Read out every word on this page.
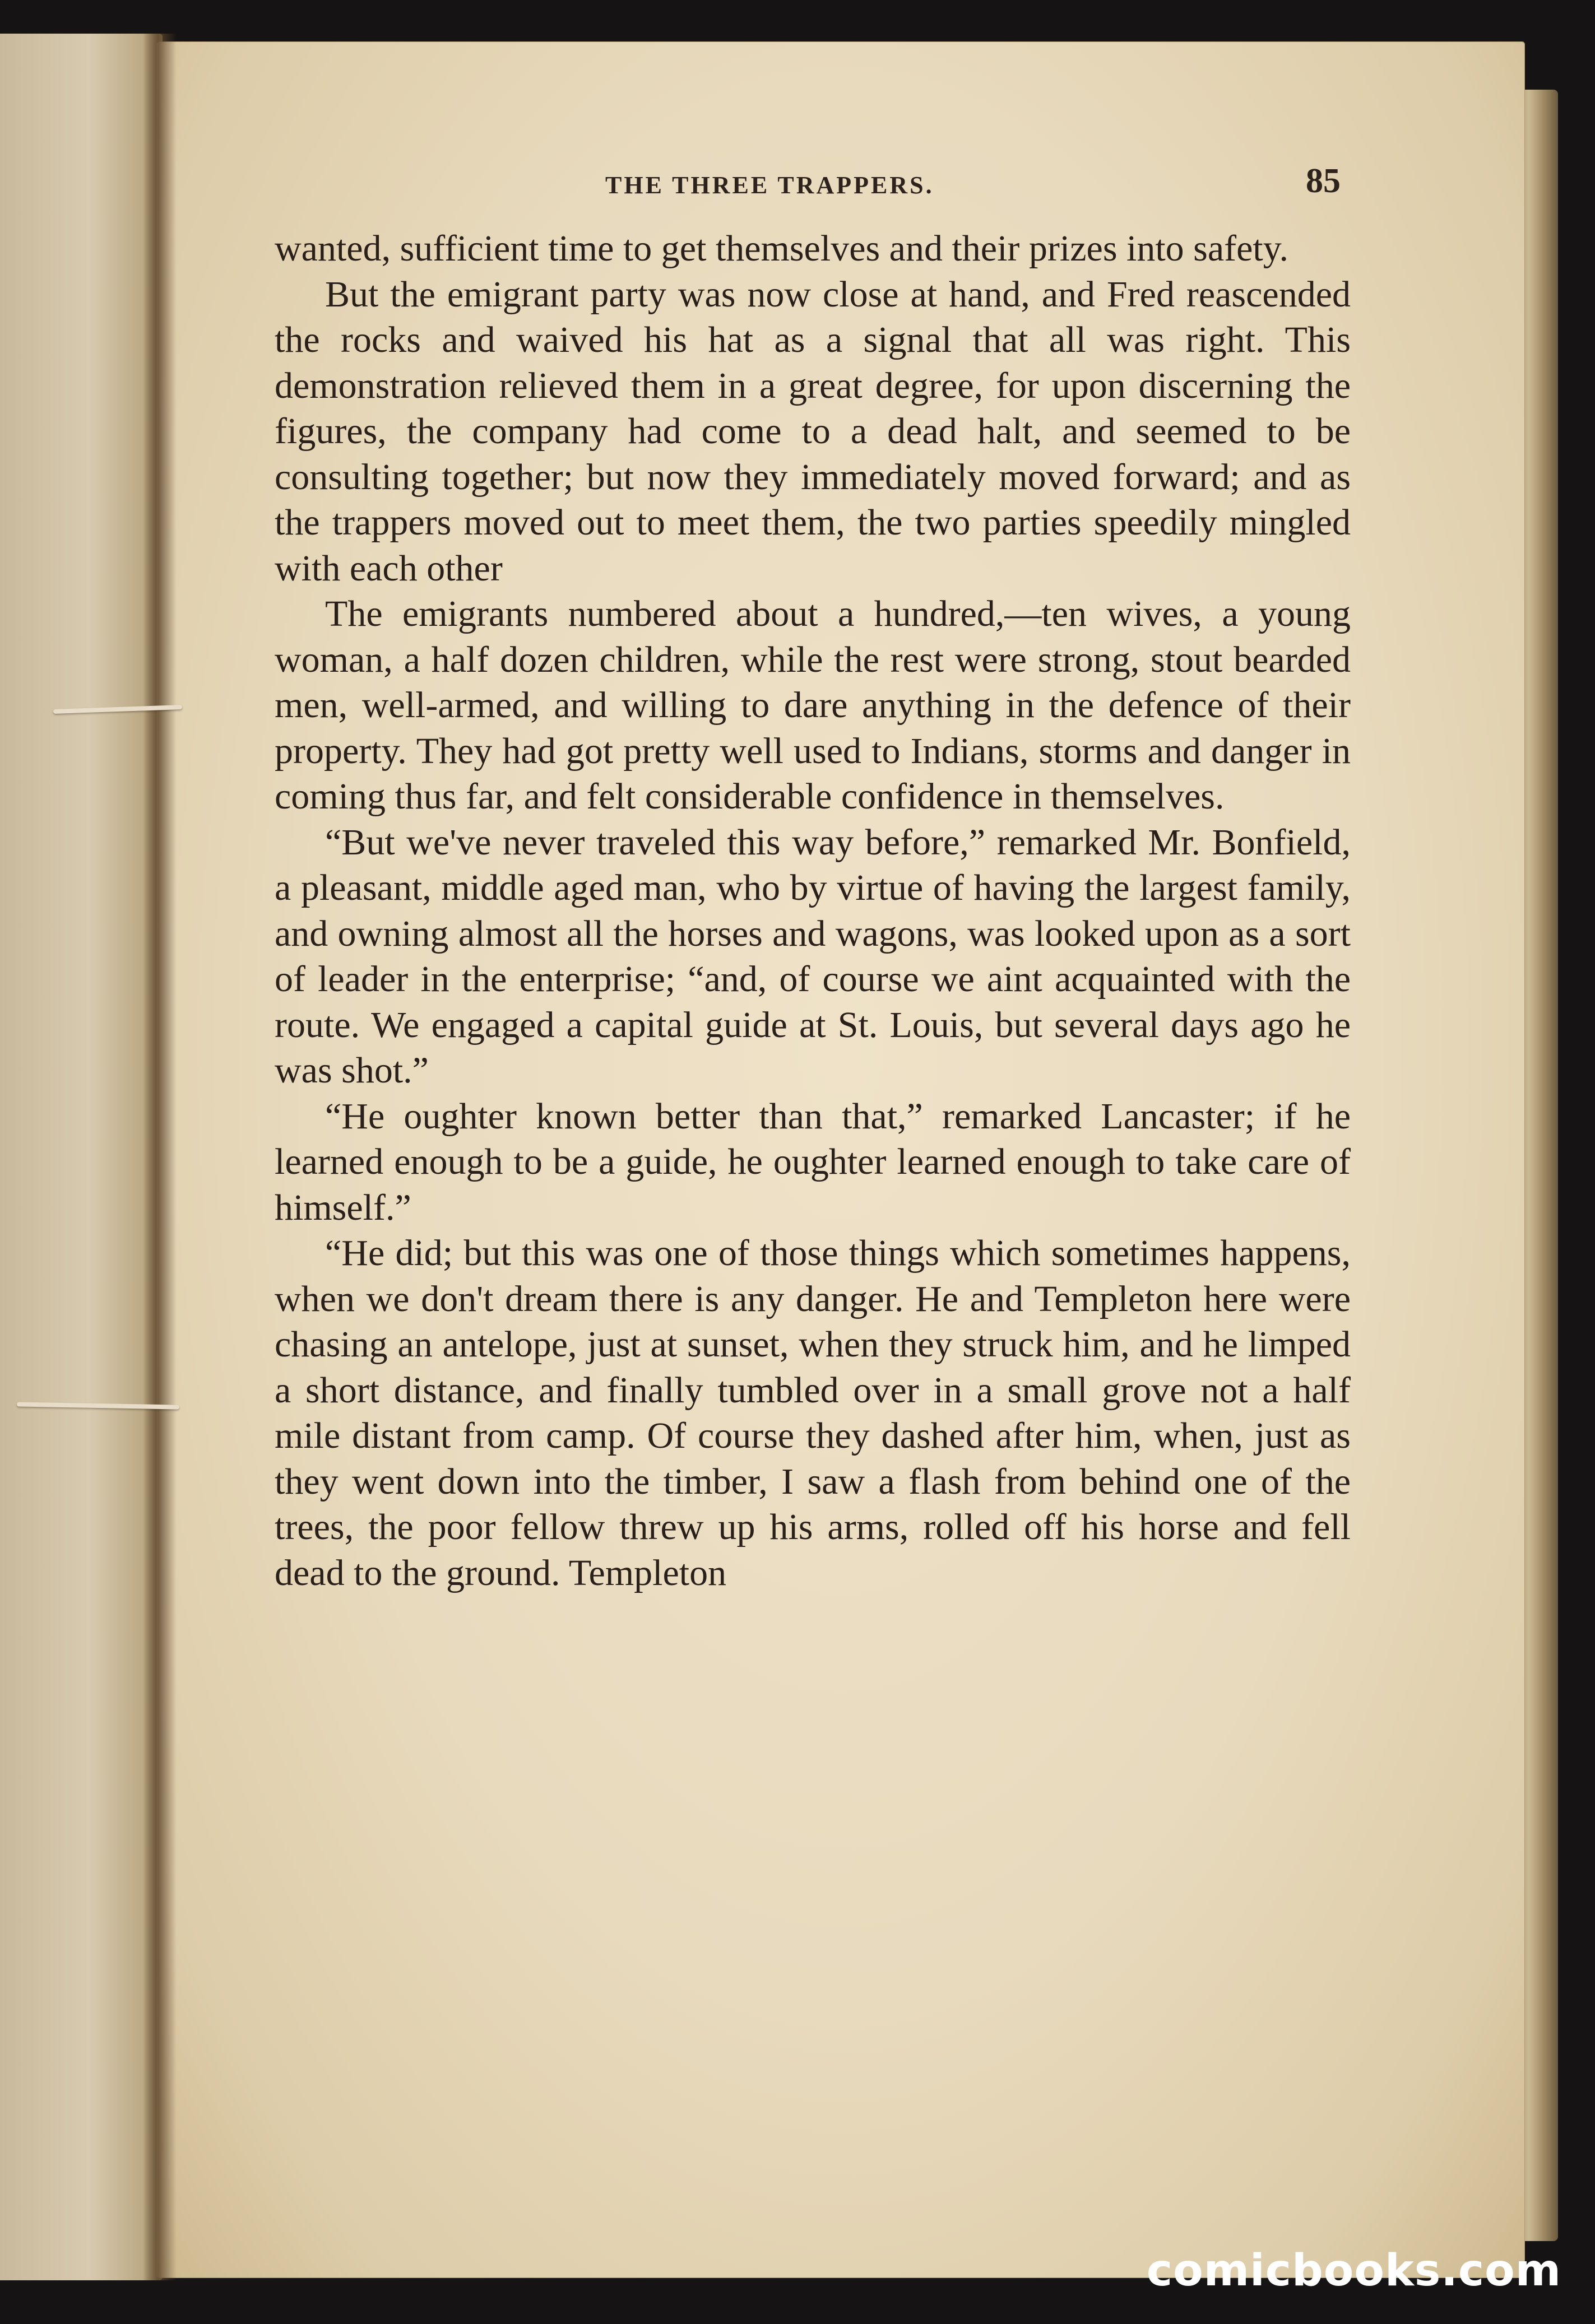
THE THREE TRAPPERS.	85

wanted, sufficient time to get themselves and their prizes into safety.

But the emigrant party was now close at hand, and Fred reascended the rocks and waived his hat as a signal that all was right. This demonstration relieved them in a great degree, for upon discerning the figures, the company had come to a dead halt, and seemed to be consulting together; but now they immediately moved forward; and as the trappers moved out to meet them, the two parties speedily mingled with each other

The emigrants numbered about a hundred,—ten wives, a young woman, a half dozen children, while the rest were strong, stout bearded men, well-armed, and willing to dare anything in the defence of their property. They had got pretty well used to Indians, storms and danger in coming thus far, and felt considerable confidence in themselves.

“But we've never traveled this way before,” remarked Mr. Bonfield, a pleasant, middle aged man, who by virtue of having the largest family, and owning almost all the horses and wagons, was looked upon as a sort of leader in the enterprise; “and, of course we aint acquainted with the route. We engaged a capital guide at St. Louis, but several days ago he was shot.”

“He oughter known better than that,” remarked Lancaster; if he learned enough to be a guide, he oughter learned enough to take care of himself.”

“He did; but this was one of those things which sometimes happens, when we don't dream there is any danger. He and Templeton here were chasing an antelope, just at sunset, when they struck him, and he limped a short distance, and finally tumbled over in a small grove not a half mile distant from camp. Of course they dashed after him, when, just as they went down into the timber, I saw a flash from behind one of the trees, the poor fellow threw up his arms, rolled off his horse and fell dead to the ground. Templeton

comicbooks.com
